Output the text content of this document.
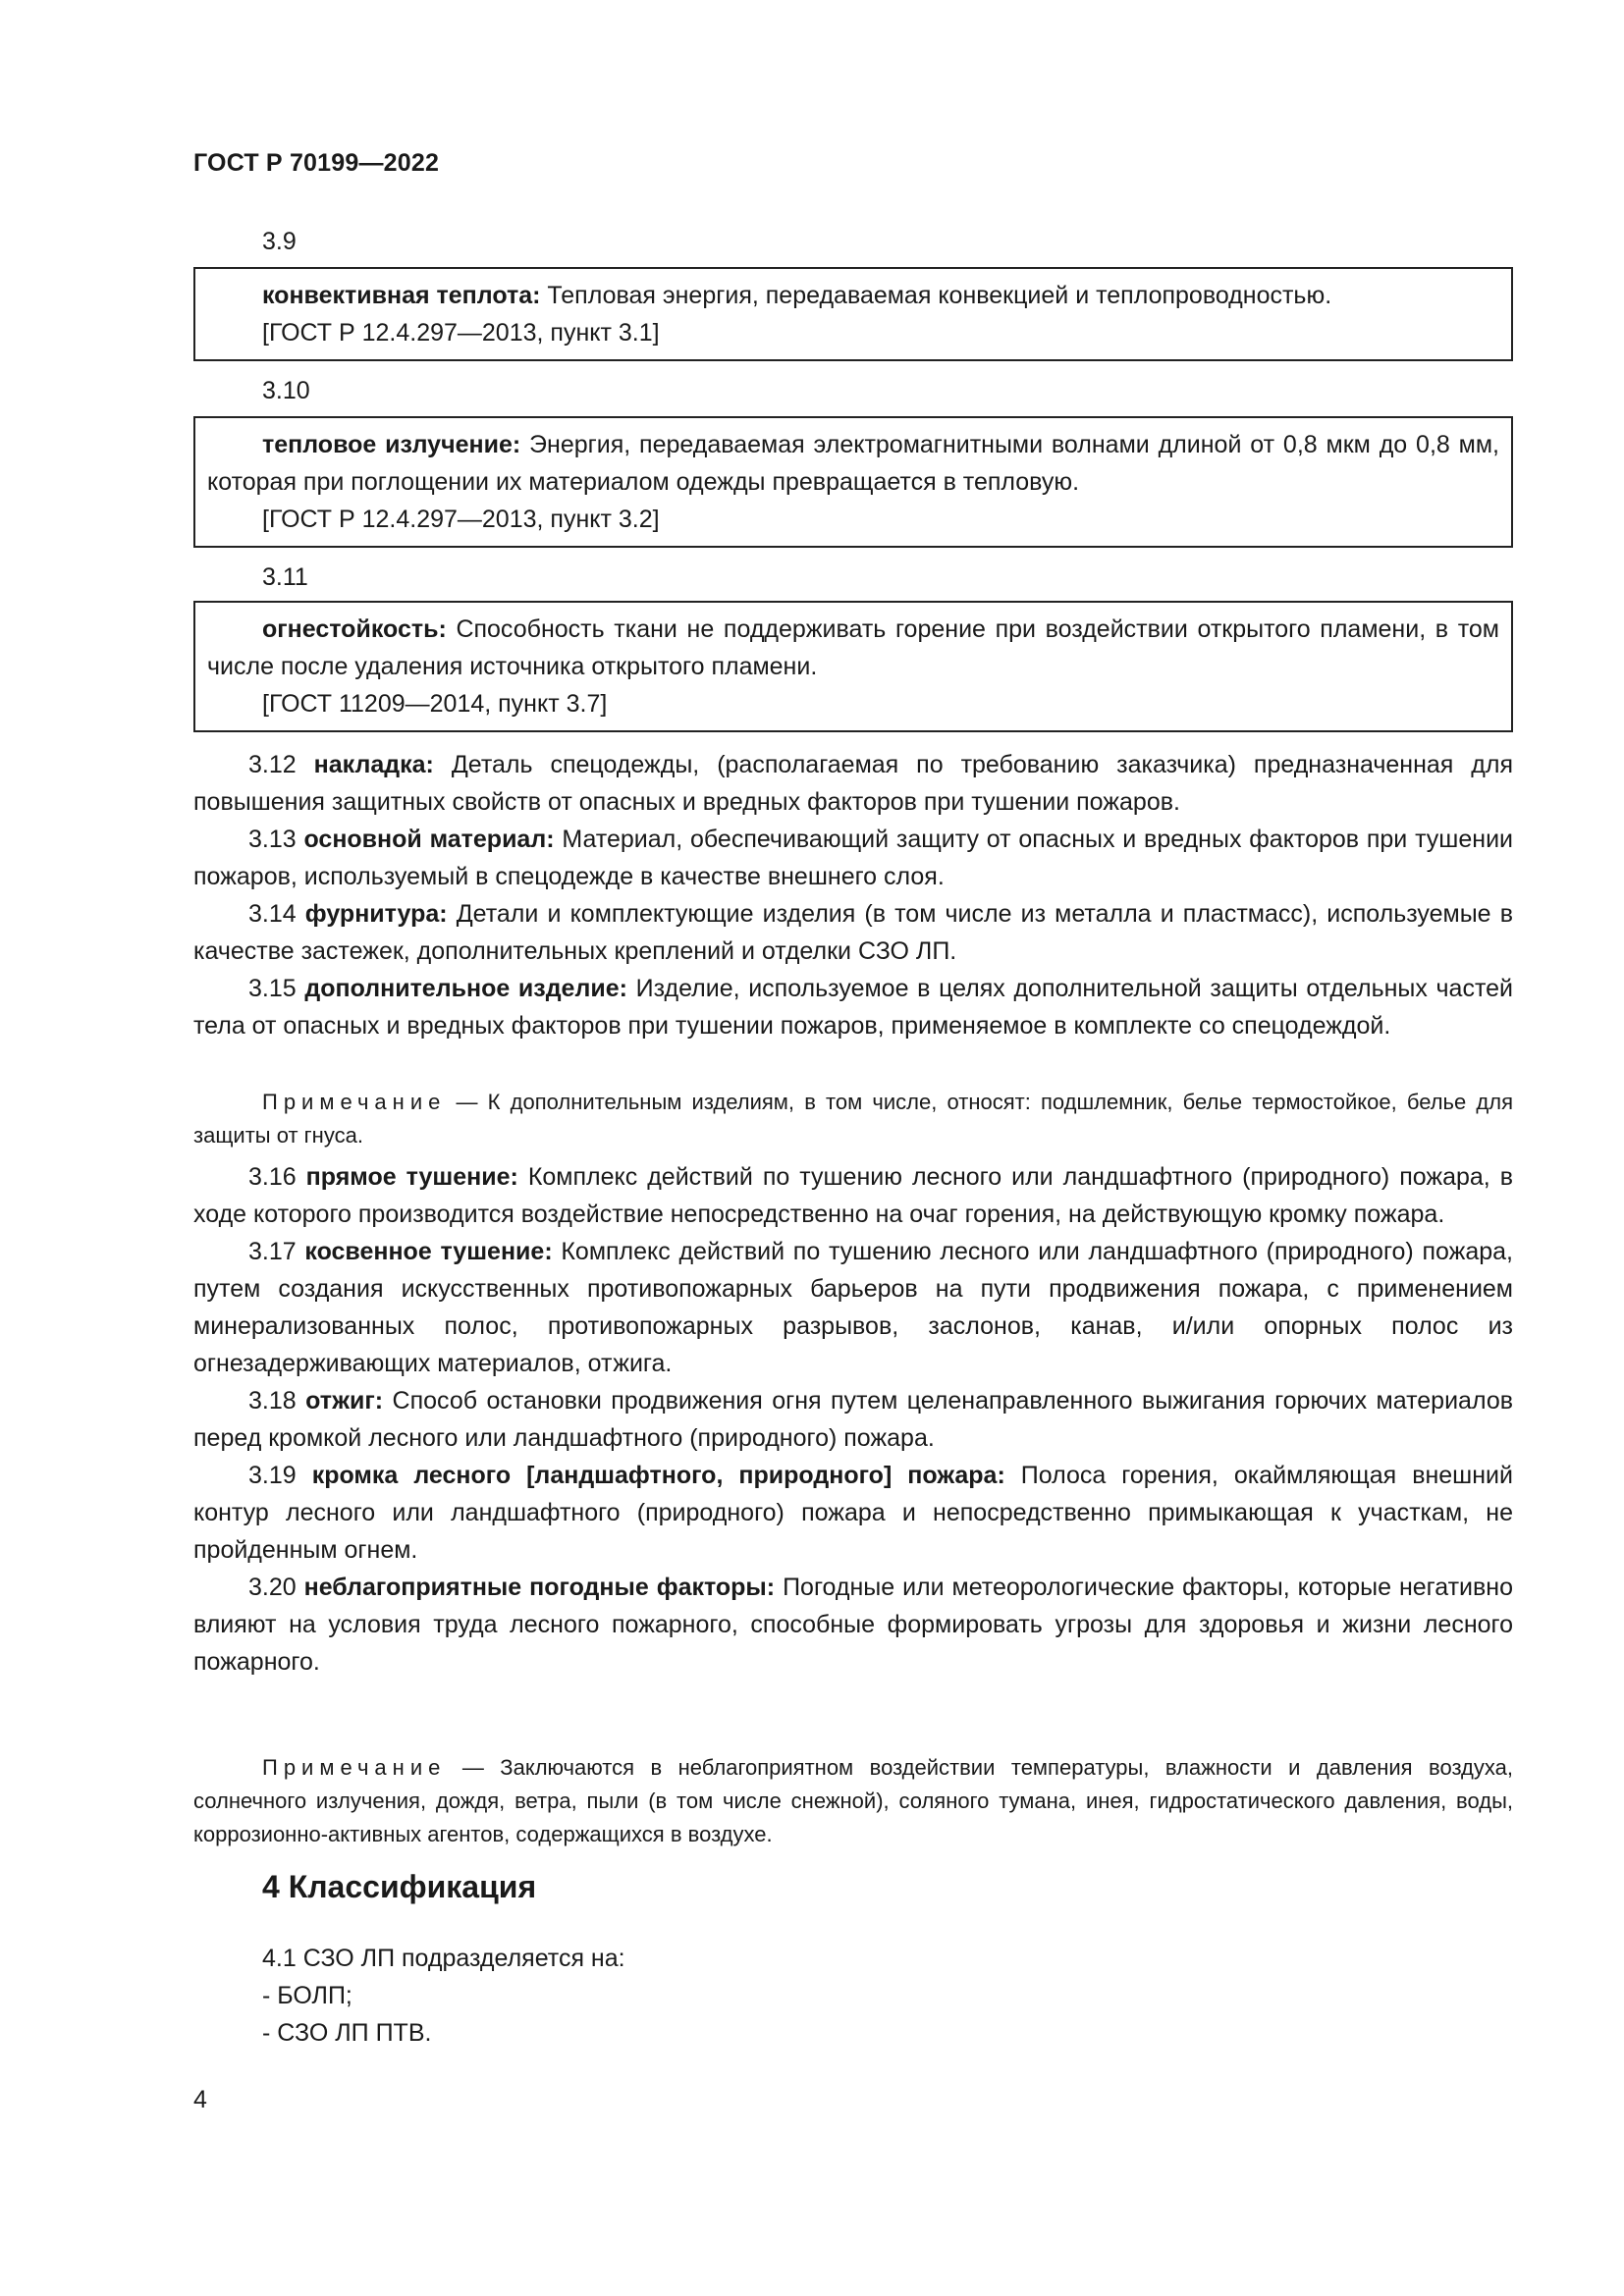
ГОСТ Р 70199—2022
3.9
конвективная теплота: Тепловая энергия, передаваемая конвекцией и теплопроводностью.
[ГОСТ Р 12.4.297—2013, пункт 3.1]
3.10
тепловое излучение: Энергия, передаваемая электромагнитными волнами длиной от 0,8 мкм до 0,8 мм, которая при поглощении их материалом одежды превращается в тепловую.
[ГОСТ Р 12.4.297—2013, пункт 3.2]
3.11
огнестойкость: Способность ткани не поддерживать горение при воздействии открытого пламени, в том числе после удаления источника открытого пламени.
[ГОСТ 11209—2014, пункт 3.7]

3.12 накладка: Деталь спецодежды, (располагаемая по требованию заказчика) предназначенная для повышения защитных свойств от опасных и вредных факторов при тушении пожаров.

3.13 основной материал: Материал, обеспечивающий защиту от опасных и вредных факторов при тушении пожаров, используемый в спецодежде в качестве внешнего слоя.

3.14 фурнитура: Детали и комплектующие изделия (в том числе из металла и пластмасс), используемые в качестве застежек, дополнительных креплений и отделки СЗО ЛП.

3.15 дополнительное изделие: Изделие, используемое в целях дополнительной защиты отдельных частей тела от опасных и вредных факторов при тушении пожаров, применяемое в комплекте со спецодеждой.

Примечание — К дополнительным изделиям, в том числе, относят: подшлемник, белье термостойкое, белье для защиты от гнуса.

3.16 прямое тушение: Комплекс действий по тушению лесного или ландшафтного (природного) пожара, в ходе которого производится воздействие непосредственно на очаг горения, на действующую кромку пожара.

3.17 косвенное тушение: Комплекс действий по тушению лесного или ландшафтного (природного) пожара, путем создания искусственных противопожарных барьеров на пути продвижения пожара, с применением минерализованных полос, противопожарных разрывов, заслонов, канав, и/или опорных полос из огнезадерживающих материалов, отжига.

3.18 отжиг: Способ остановки продвижения огня путем целенаправленного выжигания горючих материалов перед кромкой лесного или ландшафтного (природного) пожара.

3.19 кромка лесного [ландшафтного, природного] пожара: Полоса горения, окаймляющая внешний контур лесного или ландшафтного (природного) пожара и непосредственно примыкающая к участкам, не пройденным огнем.

3.20 неблагоприятные погодные факторы: Погодные или метеорологические факторы, которые негативно влияют на условия труда лесного пожарного, способные формировать угрозы для здоровья и жизни лесного пожарного.

Примечание — Заключаются в неблагоприятном воздействии температуры, влажности и давления воздуха, солнечного излучения, дождя, ветра, пыли (в том числе снежной), соляного тумана, инея, гидростатического давления, воды, коррозионно-активных агентов, содержащихся в воздухе.

4 Классификация
4.1 СЗО ЛП подразделяется на:
- БОЛП;
- СЗО ЛП ПТВ.
4
